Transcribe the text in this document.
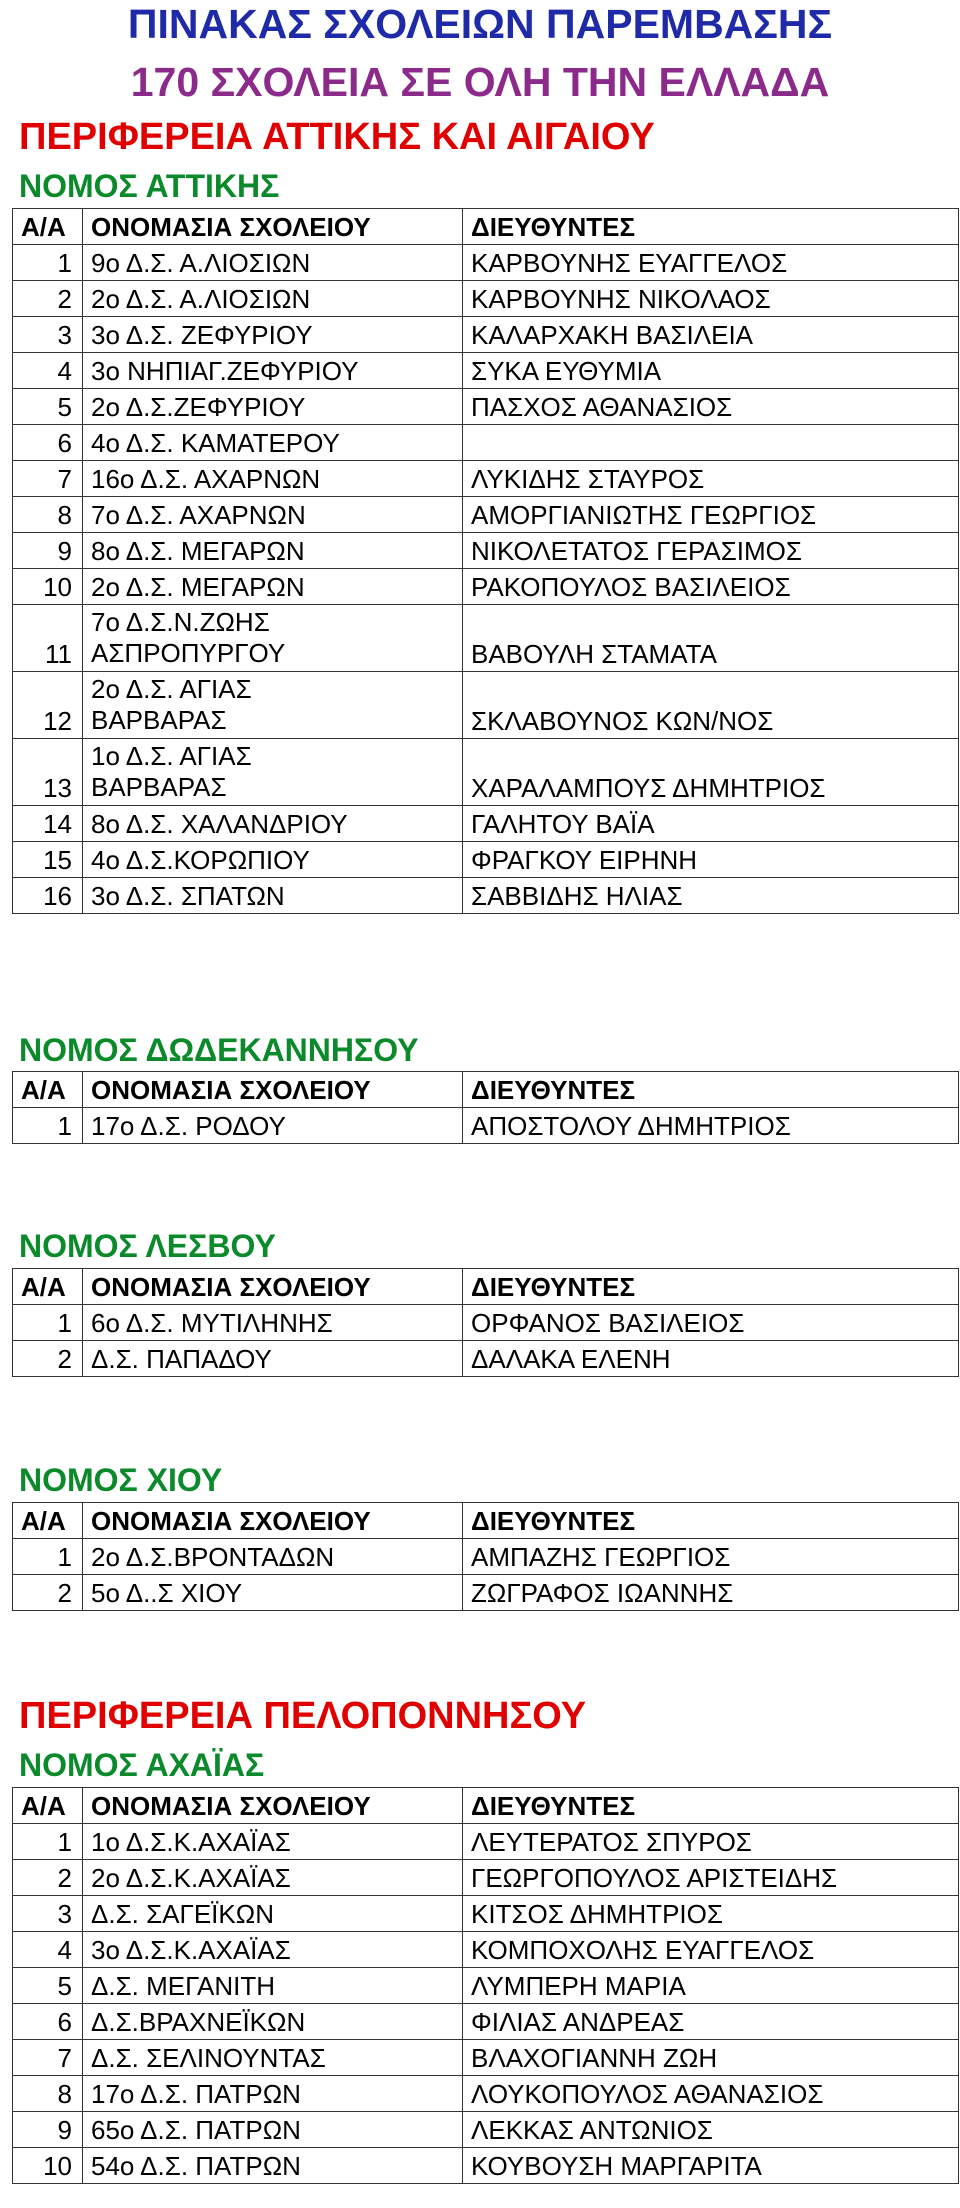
ΠΙΝΑΚΑΣ ΣΧΟΛΕΙΩΝ ΠΑΡΕΜΒΑΣΗΣ
170 ΣΧΟΛΕΙΑ ΣΕ ΟΛΗ ΤΗΝ ΕΛΛΑΔΑ
ΠΕΡΙΦΕΡΕΙΑ ΑΤΤΙΚΗΣ ΚΑΙ ΑΙΓΑΙΟΥ
ΝΟΜΟΣ ΑΤΤΙΚΗΣ
Α/Α	ΟΝΟΜΑΣΙΑ ΣΧΟΛΕΙΟΥ	ΔΙΕΥΘΥΝΤΕΣ
1	9ο Δ.Σ. Α.ΛΙΟΣΙΩΝ	ΚΑΡΒΟΥΝΗΣ ΕΥΑΓΓΕΛΟΣ
2	2ο Δ.Σ. Α.ΛΙΟΣΙΩΝ	ΚΑΡΒΟΥΝΗΣ ΝΙΚΟΛΑΟΣ
3	3ο Δ.Σ. ΖΕΦΥΡΙΟΥ	ΚΑΛΑΡΧΑΚΗ ΒΑΣΙΛΕΙΑ
4	3ο ΝΗΠΙΑΓ.ΖΕΦΥΡΙΟΥ	ΣΥΚΑ ΕΥΘΥΜΙΑ
5	2ο Δ.Σ.ΖΕΦΥΡΙΟΥ	ΠΑΣΧΟΣ ΑΘΑΝΑΣΙΟΣ
6	4ο Δ.Σ. ΚΑΜΑΤΕΡΟΥ	
7	16ο Δ.Σ. ΑΧΑΡΝΩΝ	ΛΥΚΙΔΗΣ ΣΤΑΥΡΟΣ
8	7ο Δ.Σ. ΑΧΑΡΝΩΝ	ΑΜΟΡΓΙΑΝΙΩΤΗΣ ΓΕΩΡΓΙΟΣ
9	8ο Δ.Σ. ΜΕΓΑΡΩΝ	ΝΙΚΟΛΕΤΑΤΟΣ ΓΕΡΑΣΙΜΟΣ
10	2ο Δ.Σ. ΜΕΓΑΡΩΝ	ΡΑΚΟΠΟΥΛΟΣ ΒΑΣΙΛΕΙΟΣ
11	7ο Δ.Σ.Ν.ΖΩΗΣ
ΑΣΠΡΟΠΥΡΓΟΥ	ΒΑΒΟΥΛΗ ΣΤΑΜΑΤΑ
12	2ο Δ.Σ. ΑΓΙΑΣ
ΒΑΡΒΑΡΑΣ	ΣΚΛΑΒΟΥΝΟΣ ΚΩΝ/ΝΟΣ
13	1ο Δ.Σ. ΑΓΙΑΣ
ΒΑΡΒΑΡΑΣ	ΧΑΡΑΛΑΜΠΟΥΣ ΔΗΜΗΤΡΙΟΣ
14	8ο Δ.Σ. ΧΑΛΑΝΔΡΙΟΥ	ΓΑΛΗΤΟΥ ΒΑΪΑ
15	4ο Δ.Σ.ΚΟΡΩΠΙΟΥ	ΦΡΑΓΚΟΥ ΕΙΡΗΝΗ
16	3ο Δ.Σ. ΣΠΑΤΩΝ	ΣΑΒΒΙΔΗΣ ΗΛΙΑΣ
ΝΟΜΟΣ ΔΩΔΕΚΑΝΝΗΣΟΥ
Α/Α	ΟΝΟΜΑΣΙΑ ΣΧΟΛΕΙΟΥ	ΔΙΕΥΘΥΝΤΕΣ
1	17ο Δ.Σ. ΡΟΔΟΥ	ΑΠΟΣΤΟΛΟΥ ΔΗΜΗΤΡΙΟΣ
ΝΟΜΟΣ ΛΕΣΒΟΥ
Α/Α	ΟΝΟΜΑΣΙΑ ΣΧΟΛΕΙΟΥ	ΔΙΕΥΘΥΝΤΕΣ
1	6ο Δ.Σ. ΜΥΤΙΛΗΝΗΣ	ΟΡΦΑΝΟΣ ΒΑΣΙΛΕΙΟΣ
2	Δ.Σ. ΠΑΠΑΔΟΥ	ΔΑΛΑΚΑ ΕΛΕΝΗ
ΝΟΜΟΣ ΧΙΟΥ
Α/Α	ΟΝΟΜΑΣΙΑ ΣΧΟΛΕΙΟΥ	ΔΙΕΥΘΥΝΤΕΣ
1	2ο Δ.Σ.ΒΡΟΝΤΑΔΩΝ	ΑΜΠΑΖΗΣ ΓΕΩΡΓΙΟΣ
2	5ο Δ..Σ ΧΙΟΥ	ΖΩΓΡΑΦΟΣ ΙΩΑΝΝΗΣ
ΠΕΡΙΦΕΡΕΙΑ ΠΕΛΟΠΟΝΝΗΣΟΥ
ΝΟΜΟΣ ΑΧΑΪΑΣ
Α/Α	ΟΝΟΜΑΣΙΑ ΣΧΟΛΕΙΟΥ	ΔΙΕΥΘΥΝΤΕΣ
1	1ο Δ.Σ.Κ.ΑΧΑΪΑΣ	ΛΕΥΤΕΡΑΤΟΣ ΣΠΥΡΟΣ
2	2ο Δ.Σ.Κ.ΑΧΑΪΑΣ	ΓΕΩΡΓΟΠΟΥΛΟΣ ΑΡΙΣΤΕΙΔΗΣ
3	Δ.Σ. ΣΑΓΕΪΚΩΝ	ΚΙΤΣΟΣ ΔΗΜΗΤΡΙΟΣ
4	3ο Δ.Σ.Κ.ΑΧΑΪΑΣ	ΚΟΜΠΟΧΟΛΗΣ ΕΥΑΓΓΕΛΟΣ
5	Δ.Σ. ΜΕΓΑΝΙΤΗ	ΛΥΜΠΕΡΗ ΜΑΡΙΑ
6	Δ.Σ.ΒΡΑΧΝΕΪΚΩΝ	ΦΙΛΙΑΣ ΑΝΔΡΕΑΣ
7	Δ.Σ. ΣΕΛΙΝΟΥΝΤΑΣ	ΒΛΑΧΟΓΙΑΝΝΗ ΖΩΗ
8	17ο Δ.Σ. ΠΑΤΡΩΝ	ΛΟΥΚΟΠΟΥΛΟΣ ΑΘΑΝΑΣΙΟΣ
9	65ο Δ.Σ. ΠΑΤΡΩΝ	ΛΕΚΚΑΣ ΑΝΤΩΝΙΟΣ
10	54ο Δ.Σ. ΠΑΤΡΩΝ	ΚΟΥΒΟΥΣΗ ΜΑΡΓΑΡΙΤΑ
